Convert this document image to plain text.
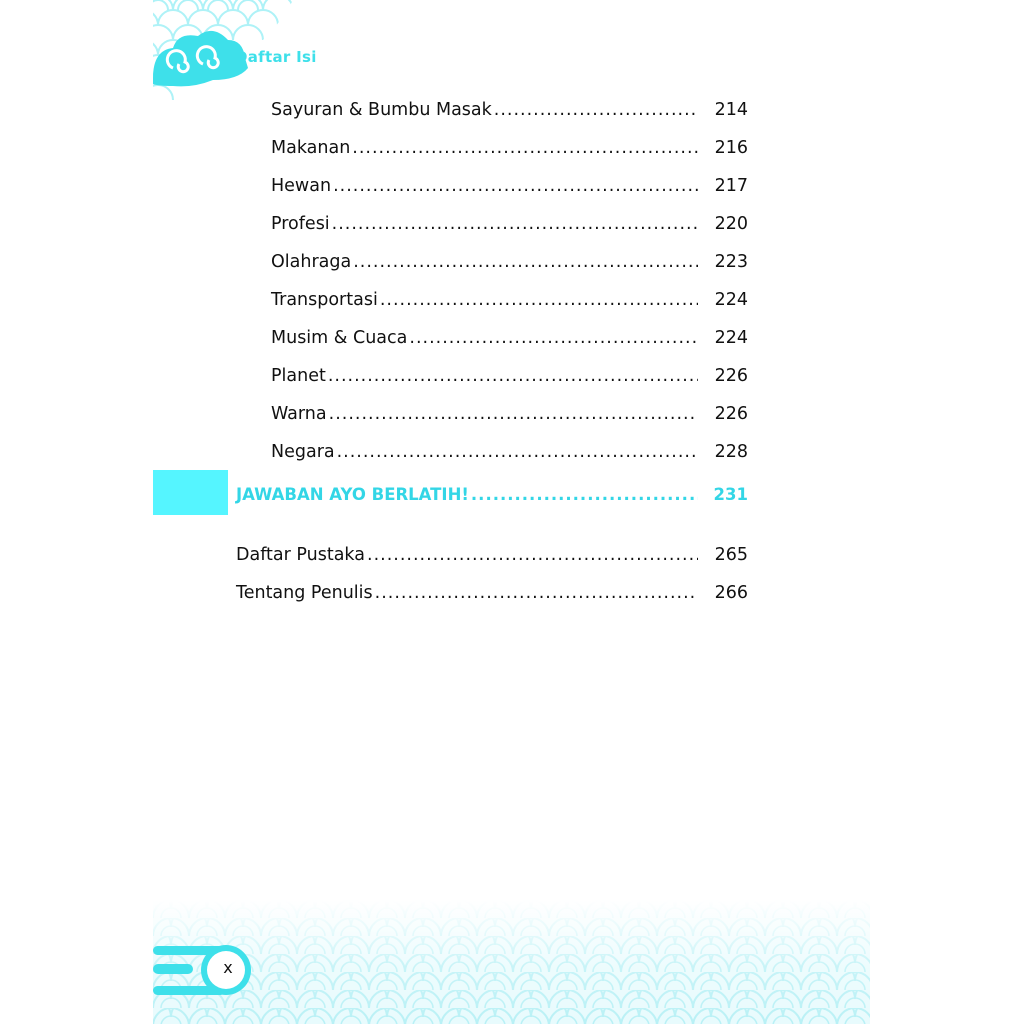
Daftar Isi
Sayuran & Bumbu Masak .....	214
Makanan .....	216
Hewan .....	217
Profesi .....	220
Olahraga .....	223
Transportasi .....	224
Musim & Cuaca .....	224
Planet .....	226
Warna .....	226
Negara .....	228
JAWABAN AYO BERLATIH! .....	231
Daftar Pustaka .....	265
Tentang Penulis .....	266
x
